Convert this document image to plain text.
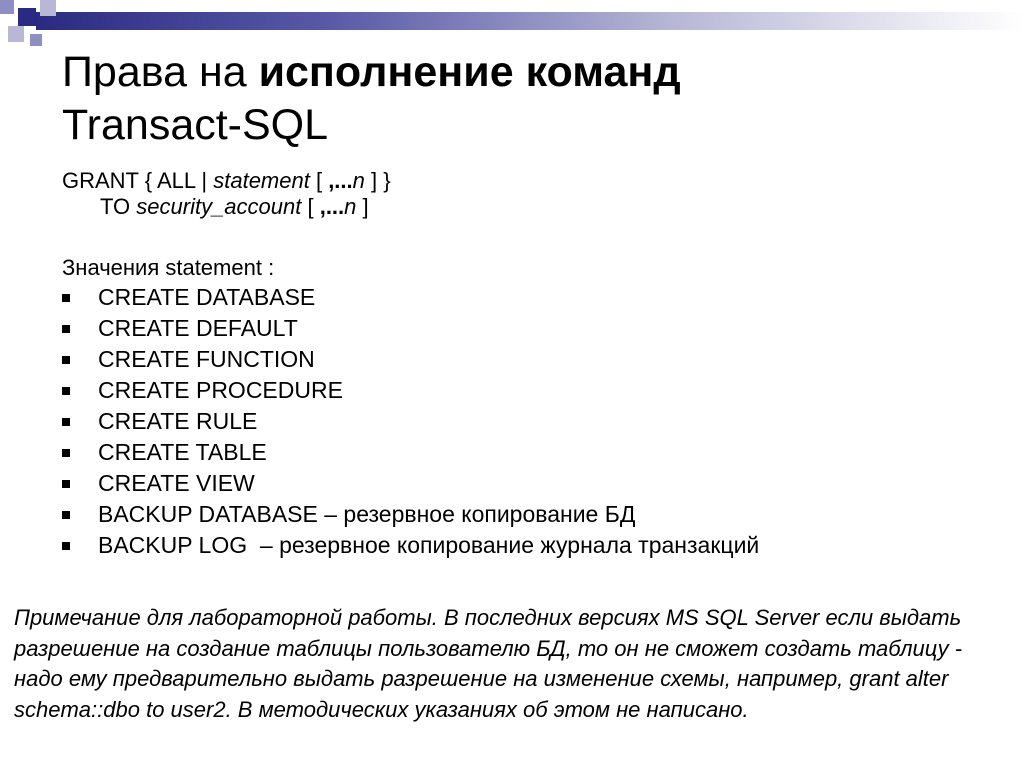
Права на исполнение команд
Transact-SQL
GRANT { ALL | statement [ ,...n ] }
TO security_account [ ,...n ]
Значения statement :
CREATE DATABASE
CREATE DEFAULT
CREATE FUNCTION
CREATE PROCEDURE
CREATE RULE
CREATE TABLE
CREATE VIEW
BACKUP DATABASE – резервное копирование БД
BACKUP LOG  – резервное копирование журнала транзакций

Примечание для лабораторной работы. В последних версиях MS SQL Server если выдать разрешение на создание таблицы пользователю БД, то он не сможет создать таблицу - надо ему предварительно выдать разрешение на изменение схемы, например, grant alter schema::dbo to user2. В методических указаниях об этом не написано.
